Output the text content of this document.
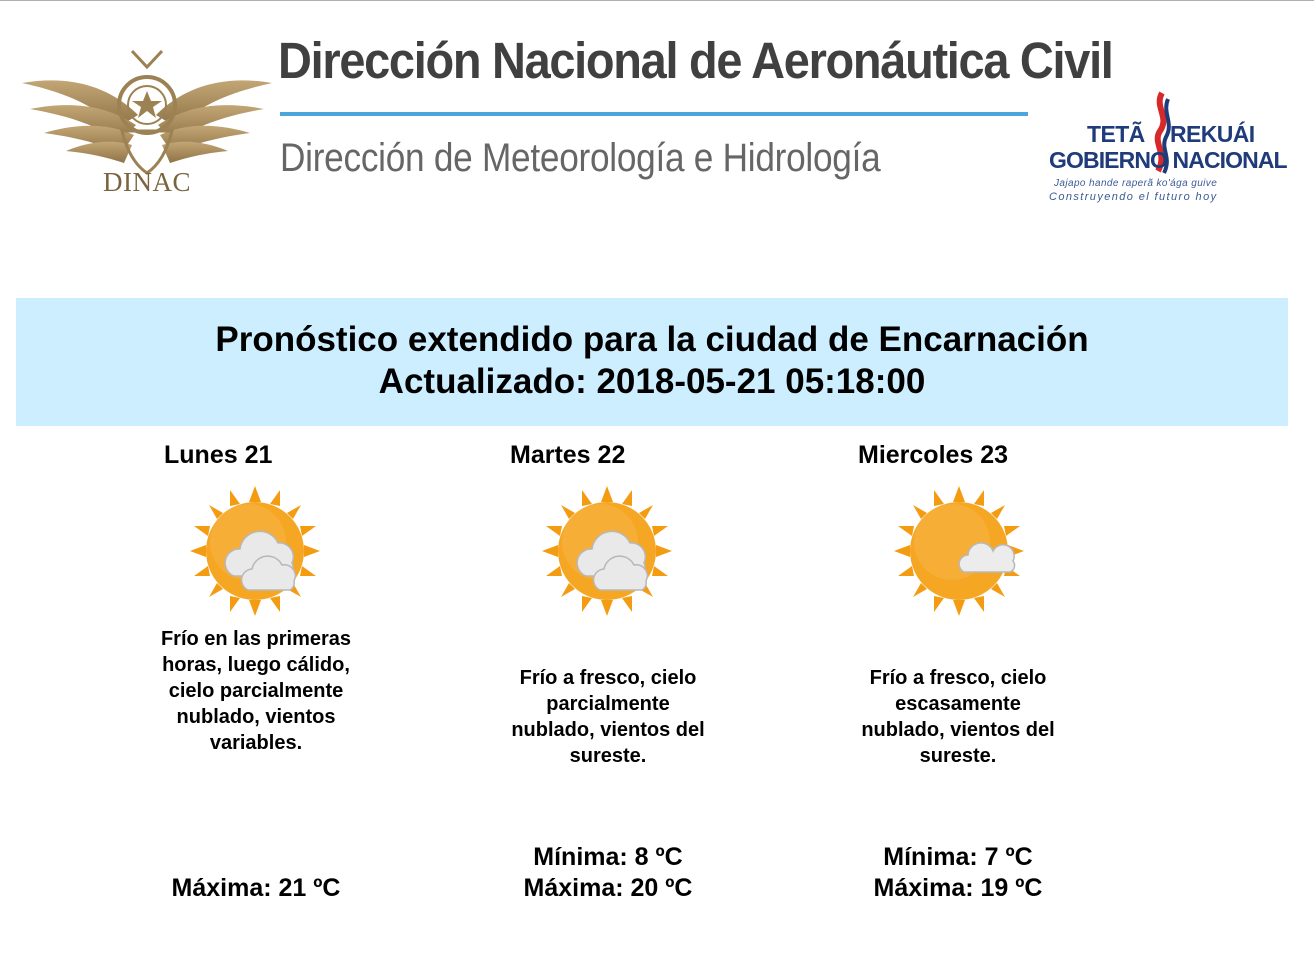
DINAC
Dirección Nacional de Aeronáutica Civil
Dirección de Meteorología e Hidrología
TETÃ REKUÁI
GOBIERNO NACIONAL
Jajapo hande raperã ko'ága guive
Construyendo el futuro hoy
Pronóstico extendido para la ciudad de Encarnación
Actualizado: 2018-05-21 05:18:00
Lunes 21
Frío en las primeras horas, luego cálido, cielo parcialmente nublado, vientos variables.
Máxima: 21 ºC
Martes 22
Frío a fresco, cielo parcialmente nublado, vientos del sureste.
Mínima: 8 ºC
Máxima: 20 ºC
Miercoles 23
Frío a fresco, cielo escasamente nublado, vientos del sureste.
Mínima: 7 ºC
Máxima: 19 ºC
